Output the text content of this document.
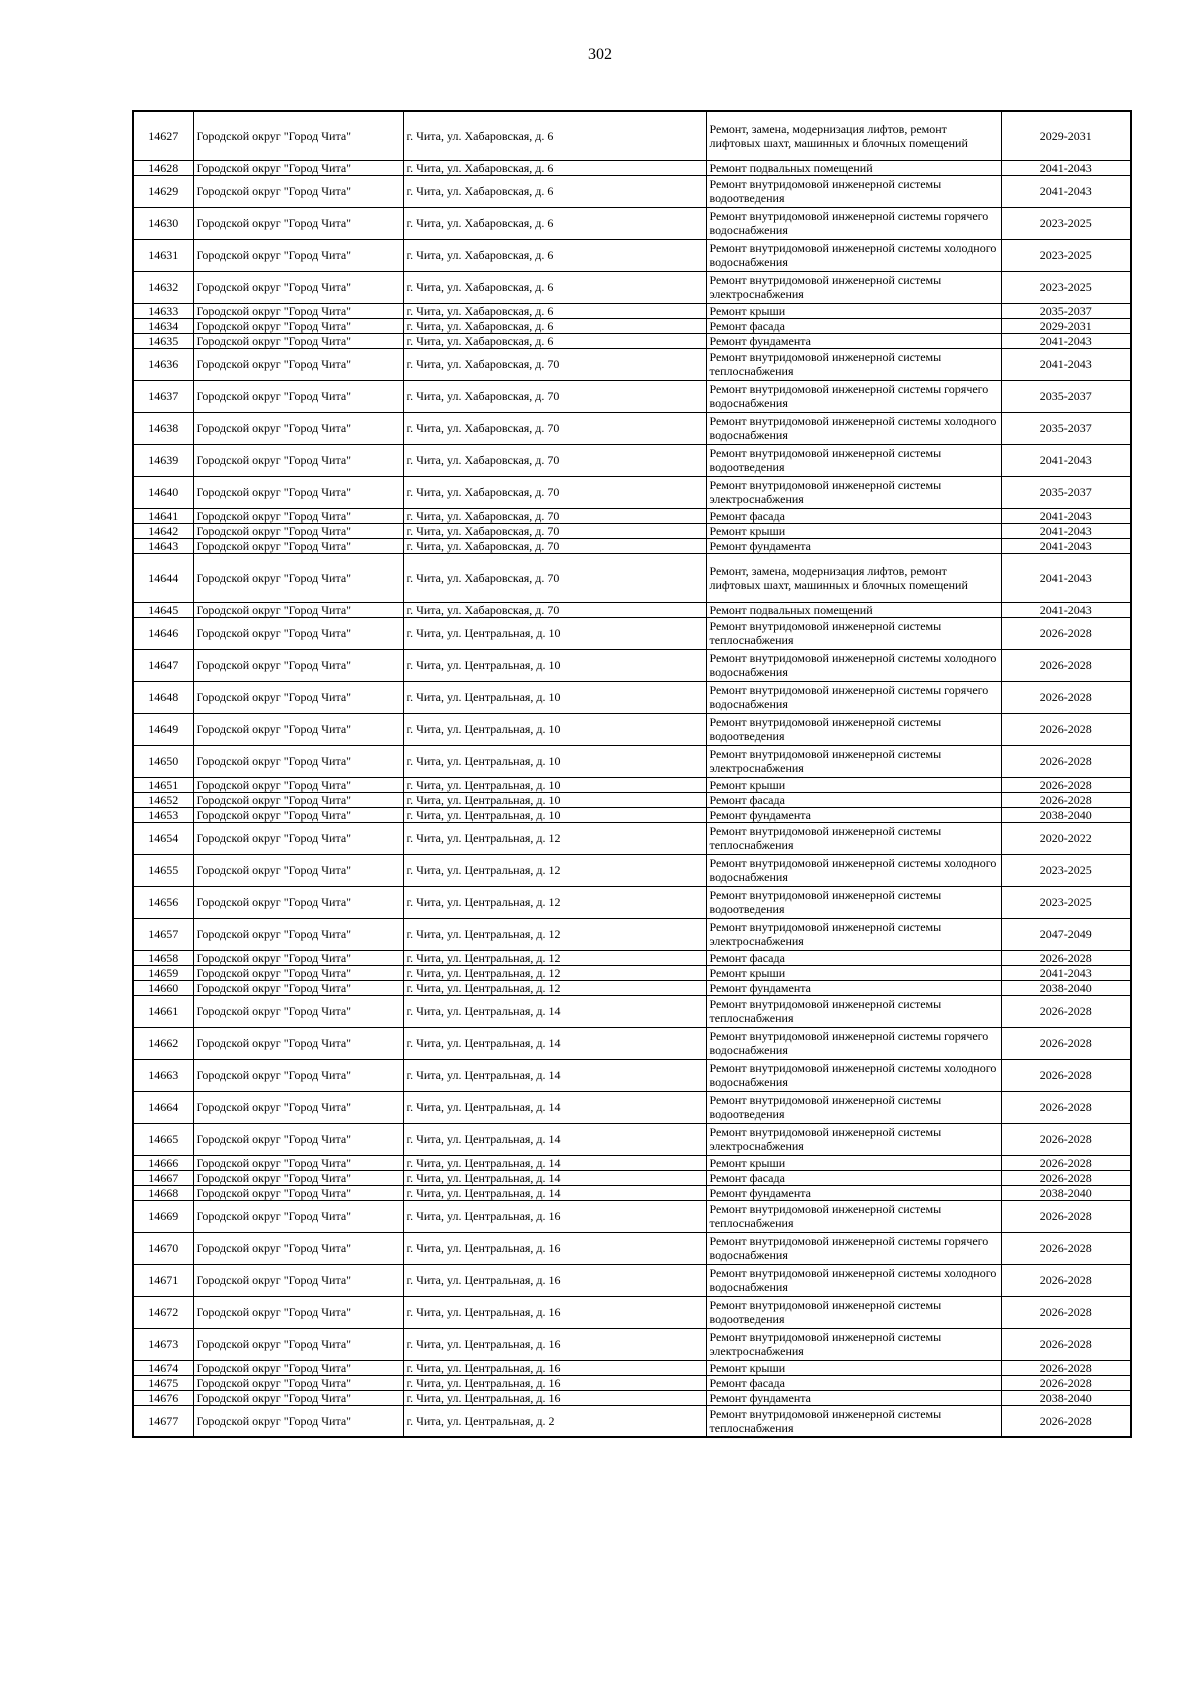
302
14627	Городской округ "Город Чита"	г. Чита, ул. Хабаровская, д. 6	Ремонт, замена, модернизация лифтов, ремонт лифтовых шахт, машинных и блочных помещений	2029-2031
14628	Городской округ "Город Чита"	г. Чита, ул. Хабаровская, д. 6	Ремонт подвальных помещений	2041-2043
14629	Городской округ "Город Чита"	г. Чита, ул. Хабаровская, д. 6	Ремонт внутридомовой инженерной системы водоотведения	2041-2043
14630	Городской округ "Город Чита"	г. Чита, ул. Хабаровская, д. 6	Ремонт внутридомовой инженерной системы горячего водоснабжения	2023-2025
14631	Городской округ "Город Чита"	г. Чита, ул. Хабаровская, д. 6	Ремонт внутридомовой инженерной системы холодного водоснабжения	2023-2025
14632	Городской округ "Город Чита"	г. Чита, ул. Хабаровская, д. 6	Ремонт внутридомовой инженерной системы электроснабжения	2023-2025
14633	Городской округ "Город Чита"	г. Чита, ул. Хабаровская, д. 6	Ремонт крыши	2035-2037
14634	Городской округ "Город Чита"	г. Чита, ул. Хабаровская, д. 6	Ремонт фасада	2029-2031
14635	Городской округ "Город Чита"	г. Чита, ул. Хабаровская, д. 6	Ремонт фундамента	2041-2043
14636	Городской округ "Город Чита"	г. Чита, ул. Хабаровская, д. 70	Ремонт внутридомовой инженерной системы теплоснабжения	2041-2043
14637	Городской округ "Город Чита"	г. Чита, ул. Хабаровская, д. 70	Ремонт внутридомовой инженерной системы горячего водоснабжения	2035-2037
14638	Городской округ "Город Чита"	г. Чита, ул. Хабаровская, д. 70	Ремонт внутридомовой инженерной системы холодного водоснабжения	2035-2037
14639	Городской округ "Город Чита"	г. Чита, ул. Хабаровская, д. 70	Ремонт внутридомовой инженерной системы водоотведения	2041-2043
14640	Городской округ "Город Чита"	г. Чита, ул. Хабаровская, д. 70	Ремонт внутридомовой инженерной системы электроснабжения	2035-2037
14641	Городской округ "Город Чита"	г. Чита, ул. Хабаровская, д. 70	Ремонт фасада	2041-2043
14642	Городской округ "Город Чита"	г. Чита, ул. Хабаровская, д. 70	Ремонт крыши	2041-2043
14643	Городской округ "Город Чита"	г. Чита, ул. Хабаровская, д. 70	Ремонт фундамента	2041-2043
14644	Городской округ "Город Чита"	г. Чита, ул. Хабаровская, д. 70	Ремонт, замена, модернизация лифтов, ремонт лифтовых шахт, машинных и блочных помещений	2041-2043
14645	Городской округ "Город Чита"	г. Чита, ул. Хабаровская, д. 70	Ремонт подвальных помещений	2041-2043
14646	Городской округ "Город Чита"	г. Чита, ул. Центральная, д. 10	Ремонт внутридомовой инженерной системы теплоснабжения	2026-2028
14647	Городской округ "Город Чита"	г. Чита, ул. Центральная, д. 10	Ремонт внутридомовой инженерной системы холодного водоснабжения	2026-2028
14648	Городской округ "Город Чита"	г. Чита, ул. Центральная, д. 10	Ремонт внутридомовой инженерной системы горячего водоснабжения	2026-2028
14649	Городской округ "Город Чита"	г. Чита, ул. Центральная, д. 10	Ремонт внутридомовой инженерной системы водоотведения	2026-2028
14650	Городской округ "Город Чита"	г. Чита, ул. Центральная, д. 10	Ремонт внутридомовой инженерной системы электроснабжения	2026-2028
14651	Городской округ "Город Чита"	г. Чита, ул. Центральная, д. 10	Ремонт крыши	2026-2028
14652	Городской округ "Город Чита"	г. Чита, ул. Центральная, д. 10	Ремонт фасада	2026-2028
14653	Городской округ "Город Чита"	г. Чита, ул. Центральная, д. 10	Ремонт фундамента	2038-2040
14654	Городской округ "Город Чита"	г. Чита, ул. Центральная, д. 12	Ремонт внутридомовой инженерной системы теплоснабжения	2020-2022
14655	Городской округ "Город Чита"	г. Чита, ул. Центральная, д. 12	Ремонт внутридомовой инженерной системы холодного водоснабжения	2023-2025
14656	Городской округ "Город Чита"	г. Чита, ул. Центральная, д. 12	Ремонт внутридомовой инженерной системы водоотведения	2023-2025
14657	Городской округ "Город Чита"	г. Чита, ул. Центральная, д. 12	Ремонт внутридомовой инженерной системы электроснабжения	2047-2049
14658	Городской округ "Город Чита"	г. Чита, ул. Центральная, д. 12	Ремонт фасада	2026-2028
14659	Городской округ "Город Чита"	г. Чита, ул. Центральная, д. 12	Ремонт крыши	2041-2043
14660	Городской округ "Город Чита"	г. Чита, ул. Центральная, д. 12	Ремонт фундамента	2038-2040
14661	Городской округ "Город Чита"	г. Чита, ул. Центральная, д. 14	Ремонт внутридомовой инженерной системы теплоснабжения	2026-2028
14662	Городской округ "Город Чита"	г. Чита, ул. Центральная, д. 14	Ремонт внутридомовой инженерной системы горячего водоснабжения	2026-2028
14663	Городской округ "Город Чита"	г. Чита, ул. Центральная, д. 14	Ремонт внутридомовой инженерной системы холодного водоснабжения	2026-2028
14664	Городской округ "Город Чита"	г. Чита, ул. Центральная, д. 14	Ремонт внутридомовой инженерной системы водоотведения	2026-2028
14665	Городской округ "Город Чита"	г. Чита, ул. Центральная, д. 14	Ремонт внутридомовой инженерной системы электроснабжения	2026-2028
14666	Городской округ "Город Чита"	г. Чита, ул. Центральная, д. 14	Ремонт крыши	2026-2028
14667	Городской округ "Город Чита"	г. Чита, ул. Центральная, д. 14	Ремонт фасада	2026-2028
14668	Городской округ "Город Чита"	г. Чита, ул. Центральная, д. 14	Ремонт фундамента	2038-2040
14669	Городской округ "Город Чита"	г. Чита, ул. Центральная, д. 16	Ремонт внутридомовой инженерной системы теплоснабжения	2026-2028
14670	Городской округ "Город Чита"	г. Чита, ул. Центральная, д. 16	Ремонт внутридомовой инженерной системы горячего водоснабжения	2026-2028
14671	Городской округ "Город Чита"	г. Чита, ул. Центральная, д. 16	Ремонт внутридомовой инженерной системы холодного водоснабжения	2026-2028
14672	Городской округ "Город Чита"	г. Чита, ул. Центральная, д. 16	Ремонт внутридомовой инженерной системы водоотведения	2026-2028
14673	Городской округ "Город Чита"	г. Чита, ул. Центральная, д. 16	Ремонт внутридомовой инженерной системы электроснабжения	2026-2028
14674	Городской округ "Город Чита"	г. Чита, ул. Центральная, д. 16	Ремонт крыши	2026-2028
14675	Городской округ "Город Чита"	г. Чита, ул. Центральная, д. 16	Ремонт фасада	2026-2028
14676	Городской округ "Город Чита"	г. Чита, ул. Центральная, д. 16	Ремонт фундамента	2038-2040
14677	Городской округ "Город Чита"	г. Чита, ул. Центральная, д. 2	Ремонт внутридомовой инженерной системы теплоснабжения	2026-2028
